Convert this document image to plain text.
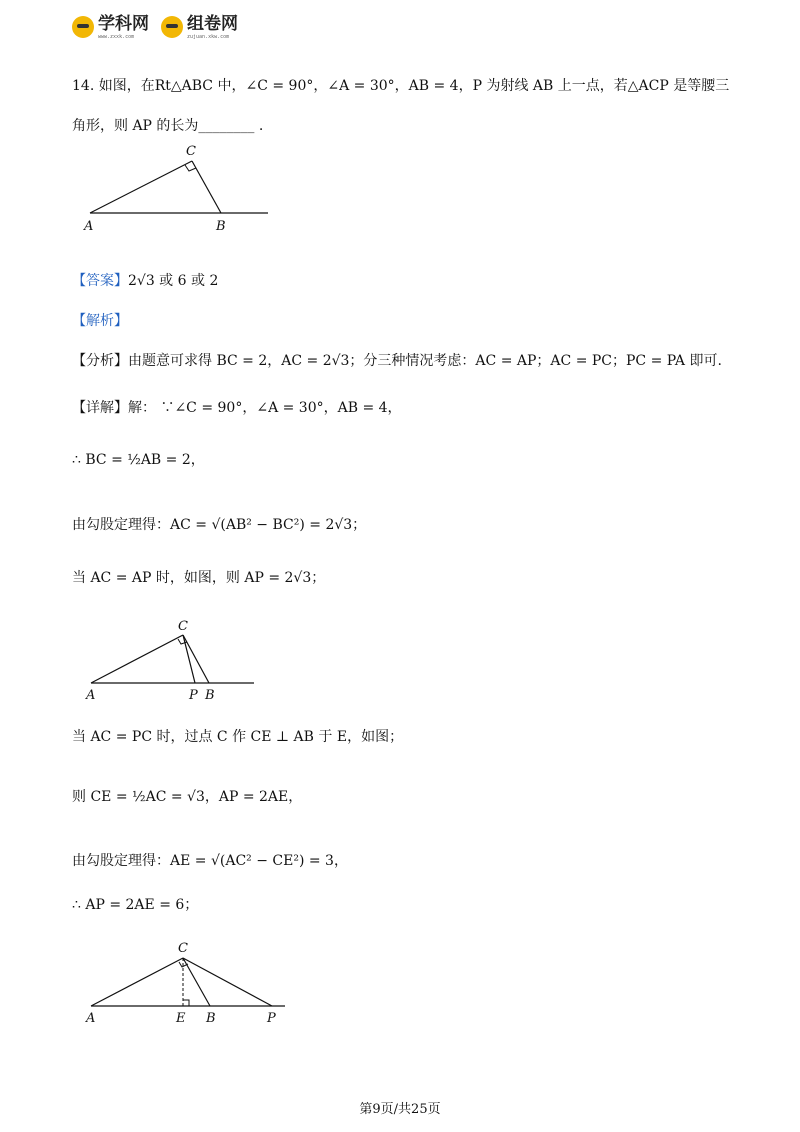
学科网
www.zxxk.com
组卷网
zujuan.xkw.com
14. 如图，在Rt△ABC 中，∠C = 90°，∠A = 30°，AB = 4，P 为射线 AB 上一点，若△ACP 是等腰三
角形，则 AP 的长为________ .
A	B
C
A	P B
C
A	E B	P
C
【答案】2√3 或 6 或 2
【解析】
【分析】由题意可求得 BC = 2，AC = 2√3；分三种情况考虑：AC = AP；AC = PC；PC = PA 即可.
【详解】解： ∵∠C = 90°，∠A = 30°，AB = 4，
∴ BC = ½AB = 2，
由勾股定理得：AC = √(AB² − BC²) = 2√3；
当 AC = AP 时，如图，则 AP = 2√3；
当 AC = PC 时，过点 C 作 CE ⊥ AB 于 E，如图；
则 CE = ½AC = √3，AP = 2AE，
由勾股定理得：AE = √(AC² − CE²) = 3，
∴ AP = 2AE = 6；
第9页/共25页
